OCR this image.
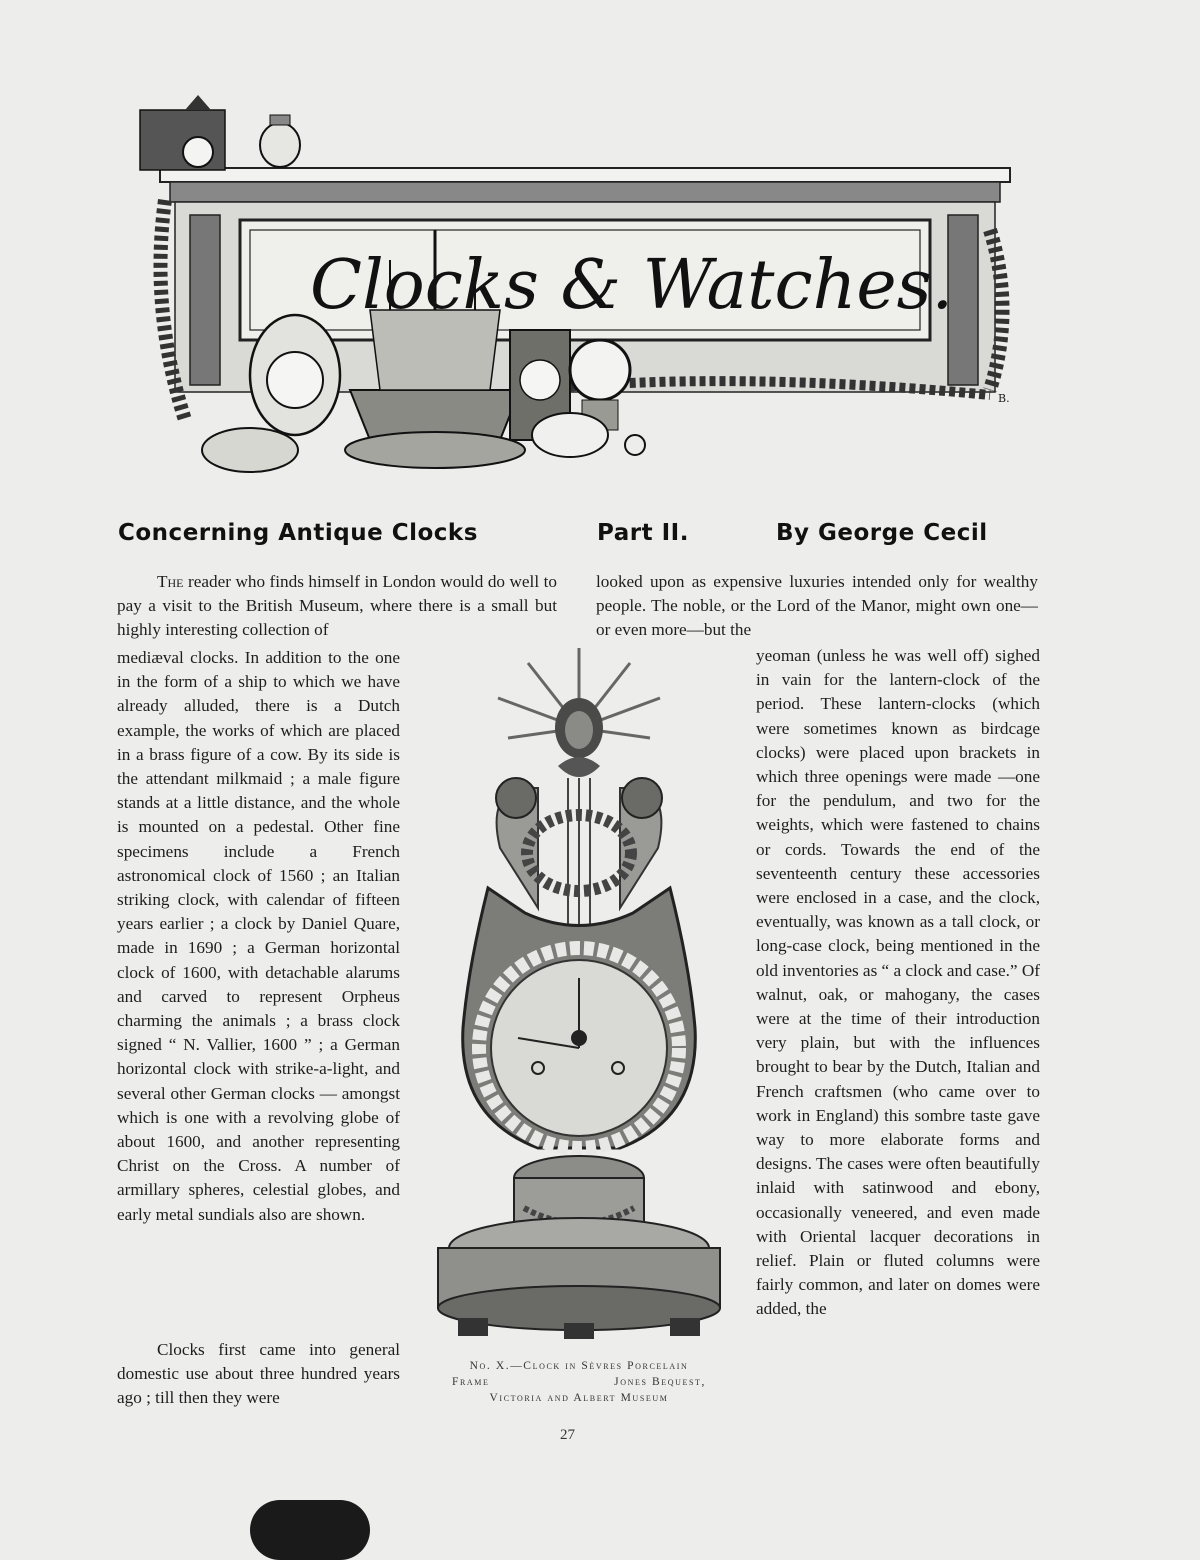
Clocks & Watches.
B.
Concerning Antique Clocks	Part II.	By George Cecil

The reader who finds himself in London would do well to pay a visit to the British Museum, where there is a small but highly interesting collection of

mediæval clocks. In addition to the one in the form of a ship to which we have already alluded, there is a Dutch example, the works of which are placed in a brass figure of a cow. By its side is the attendant milkmaid ; a male figure stands at a little distance, and the whole is mounted on a pedestal. Other fine specimens include a French astronomical clock of 1560 ; an Italian striking clock, with calendar of fifteen years earlier ; a clock by Daniel Quare, made in 1690 ; a German horizontal clock of 1600, with detachable alarums and carved to represent Orpheus charming the animals ; a brass clock signed “ N. Vallier, 1600 ” ; a German horizontal clock with strike-a-light, and several other German clocks — amongst which is one with a revolving globe of about 1600, and another representing Christ on the Cross. A number of armillary spheres, celestial globes, and early metal sundials also are shown.

Clocks first came into general domestic use about three hundred years ago ; till then they were

looked upon as expensive luxuries intended only for wealthy people. The noble, or the Lord of the Manor, might own one—or even more—but the

yeoman (unless he was well off) sighed in vain for the lantern-clock of the period. These lantern-clocks (which were sometimes known as birdcage clocks) were placed upon brackets in which three openings were made —one for the pendulum, and two for the weights, which were fastened to chains or cords. Towards the end of the seventeenth century these accessories were enclosed in a case, and the clock, eventually, was known as a tall clock, or long-case clock, being mentioned in the old inventories as “ a clock and case.” Of walnut, oak, or mahogany, the cases were at the time of their introduction very plain, but with the influences brought to bear by the Dutch, Italian and French craftsmen (who came over to work in England) this sombre taste gave way to more elaborate forms and designs. The cases were often beautifully inlaid with satinwood and ebony, occasionally veneered, and even made with Oriental lacquer decorations in relief. Plain or fluted columns were fairly common, and later on domes were added, the

No. X.—Clock in Sèvres Porcelain
Frame	Jones Bequest,
Victoria and Albert Museum
27
